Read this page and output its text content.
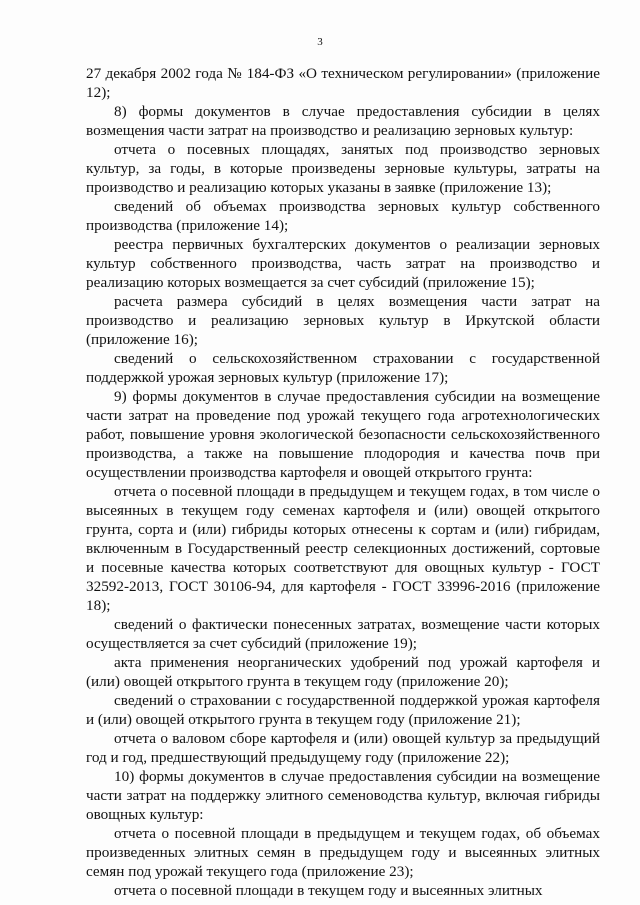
3

27 декабря 2002 года № 184-ФЗ «О техническом регулировании» (приложение 12);

8) формы документов в случае предоставления субсидии в целях возмещения части затрат на производство и реализацию зерновых культур:

отчета о посевных площадях, занятых под производство зерновых культур, за годы, в которые произведены зерновые культуры, затраты на производство и реализацию которых указаны в заявке (приложение 13);

сведений об объемах производства зерновых культур собственного производства (приложение 14);

реестра первичных бухгалтерских документов о реализации зерновых культур собственного производства, часть затрат на производство и реализацию которых возмещается за счет субсидий (приложение 15);

расчета размера субсидий в целях возмещения части затрат на производство и реализацию зерновых культур в Иркутской области (приложение 16);

сведений о сельскохозяйственном страховании с государственной поддержкой урожая зерновых культур (приложение 17);

9) формы документов в случае предоставления субсидии на возмещение части затрат на проведение под урожай текущего года агротехнологических работ, повышение уровня экологической безопасности сельскохозяйственного производства, а также на повышение плодородия и качества почв при осуществлении производства картофеля и овощей открытого грунта:

отчета о посевной площади в предыдущем и текущем годах, в том числе о высеянных в текущем году семенах картофеля и (или) овощей открытого грунта, сорта и (или) гибриды которых отнесены к сортам и (или) гибридам, включенным в Государственный реестр селекционных достижений, сортовые и посевные качества которых соответствуют для овощных культур - ГОСТ 32592-2013, ГОСТ 30106-94, для картофеля - ГОСТ 33996-2016 (приложение 18);

сведений о фактически понесенных затратах, возмещение части которых осуществляется за счет субсидий (приложение 19);

акта применения неорганических удобрений под урожай картофеля и (или) овощей открытого грунта в текущем году (приложение 20);

сведений о страховании с государственной поддержкой урожая картофеля и (или) овощей открытого грунта в текущем году (приложение 21);

отчета о валовом сборе картофеля и (или) овощей культур за предыдущий год и год, предшествующий предыдущему году (приложение 22);

10) формы документов в случае предоставления субсидии на возмещение части затрат на поддержку элитного семеноводства культур, включая гибриды овощных культур:

отчета о посевной площади в предыдущем и текущем годах, об объемах произведенных элитных семян в предыдущем году и высеянных элитных семян под урожай текущего года (приложение 23);

отчета о посевной площади в текущем году и высеянных элитных
